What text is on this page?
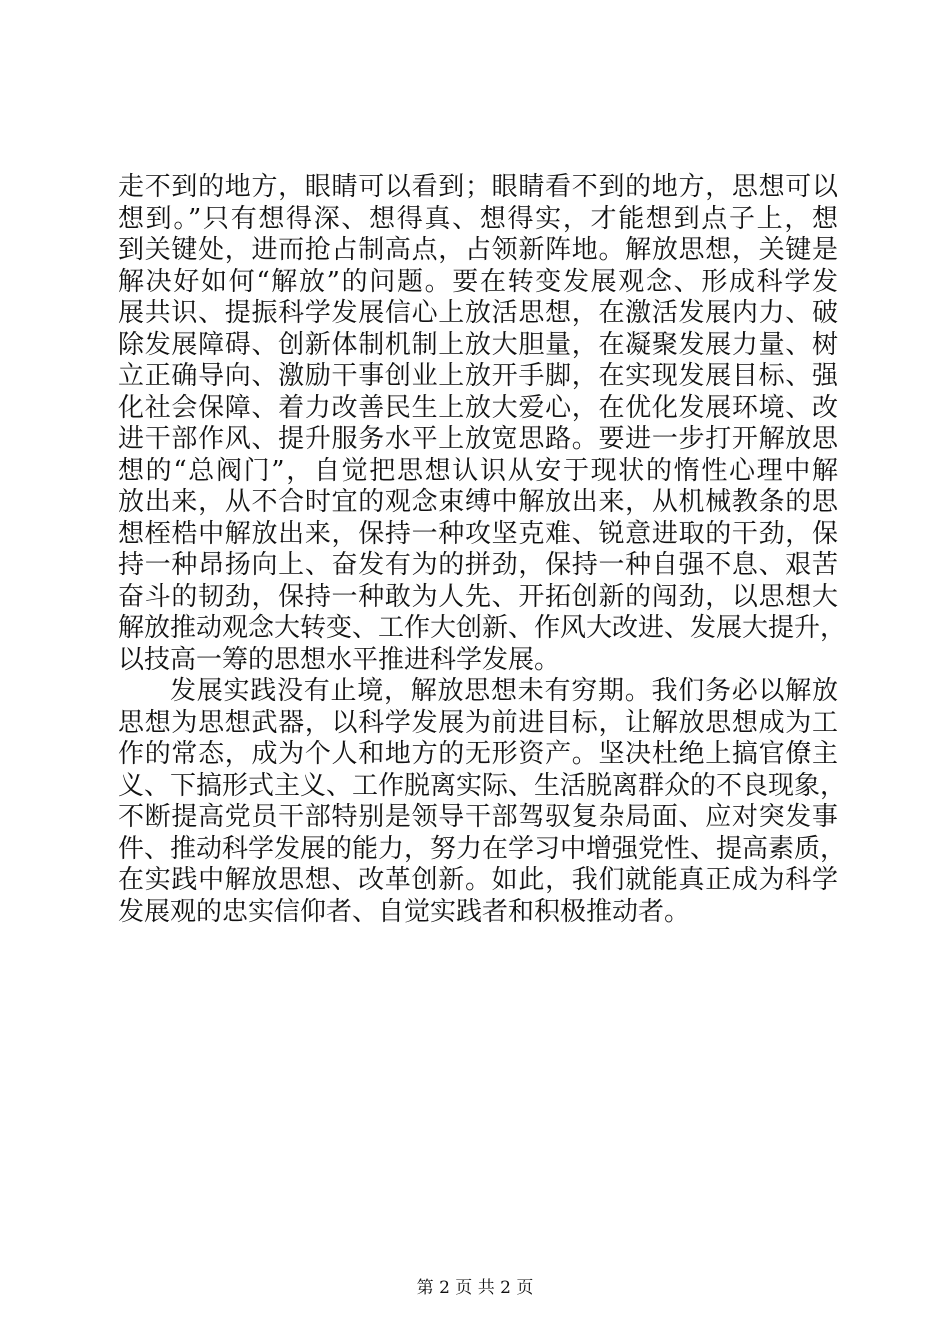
走不到的地方，眼睛可以看到；眼睛看不到的地方，思想可以
想到。”只有想得深、想得真、想得实，才能想到点子上，想
到关键处，进而抢占制高点，占领新阵地。解放思想，关键是
解决好如何“解放”的问题。要在转变发展观念、形成科学发
展共识、提振科学发展信心上放活思想，在激活发展内力、破
除发展障碍、创新体制机制上放大胆量，在凝聚发展力量、树
立正确导向、激励干事创业上放开手脚，在实现发展目标、强
化社会保障、着力改善民生上放大爱心，在优化发展环境、改
进干部作风、提升服务水平上放宽思路。要进一步打开解放思
想的“总阀门”，自觉把思想认识从安于现状的惰性心理中解
放出来，从不合时宜的观念束缚中解放出来，从机械教条的思
想桎梏中解放出来，保持一种攻坚克难、锐意进取的干劲，保
持一种昂扬向上、奋发有为的拼劲，保持一种自强不息、艰苦
奋斗的韧劲，保持一种敢为人先、开拓创新的闯劲，以思想大
解放推动观念大转变、工作大创新、作风大改进、发展大提升，
以技高一筹的思想水平推进科学发展。
发展实践没有止境，解放思想未有穷期。我们务必以解放
思想为思想武器，以科学发展为前进目标，让解放思想成为工
作的常态，成为个人和地方的无形资产。坚决杜绝上搞官僚主
义、下搞形式主义、工作脱离实际、生活脱离群众的不良现象，
不断提高党员干部特别是领导干部驾驭复杂局面、应对突发事
件、推动科学发展的能力，努力在学习中增强党性、提高素质，
在实践中解放思想、改革创新。如此，我们就能真正成为科学
发展观的忠实信仰者、自觉实践者和积极推动者。
第 2 页 共 2 页
